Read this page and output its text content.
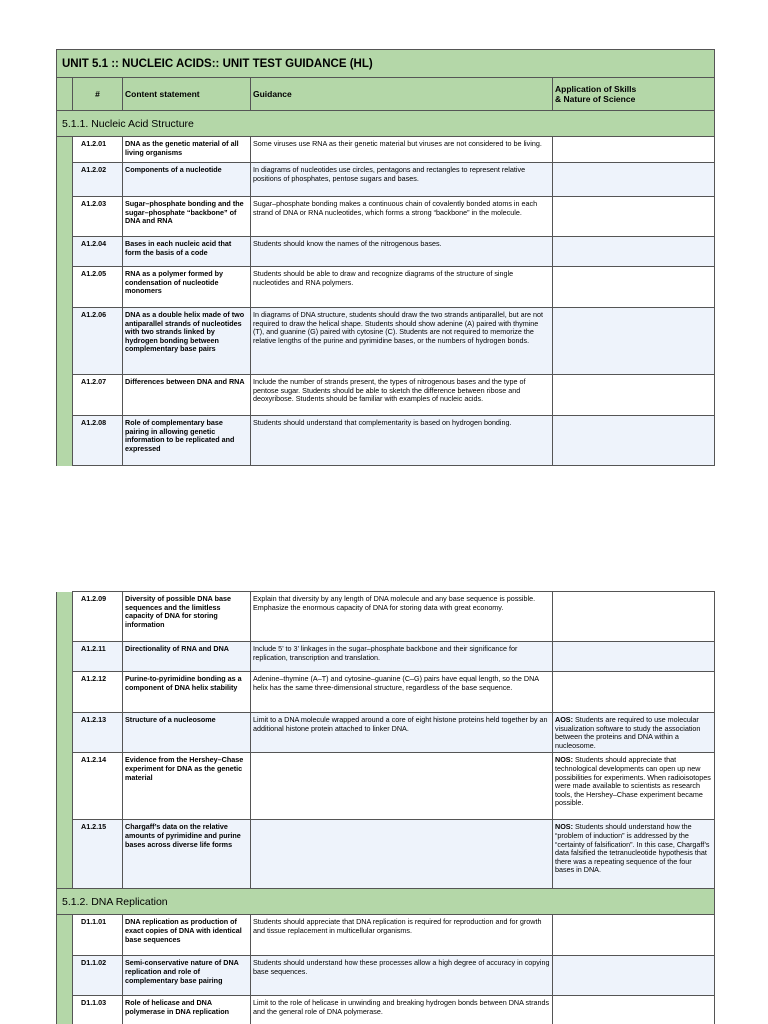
UNIT 5.1 :: NUCLEIC ACIDS:: UNIT TEST GUIDANCE (HL)				
	#	Content statement	Guidance	Application of Skills
& Nature of Science
5.1.1. Nucleic Acid Structure				
	A1.2.01	DNA as the genetic material of all living organisms	Some viruses use RNA as their genetic material but viruses are not considered to be living.	
	A1.2.02	Components of a nucleotide	In diagrams of nucleotides use circles, pentagons and rectangles to represent relative positions of phosphates, pentose sugars and bases.	
	A1.2.03	Sugar–phosphate bonding and the sugar–phosphate “backbone” of DNA and RNA	Sugar–phosphate bonding makes a continuous chain of covalently bonded atoms in each strand of DNA or RNA nucleotides, which forms a strong “backbone” in the molecule.	
	A1.2.04	Bases in each nucleic acid that form the basis of a code	Students should know the names of the nitrogenous bases.	
	A1.2.05	RNA as a polymer formed by condensation of nucleotide monomers	Students should be able to draw and recognize diagrams of the structure of single nucleotides and RNA polymers.	
	A1.2.06	DNA as a double helix made of two antiparallel strands of nucleotides with two strands linked by hydrogen bonding between complementary base pairs	In diagrams of DNA structure, students should draw the two strands antiparallel, but are not required to draw the helical shape. Students should show adenine (A) paired with thymine (T), and guanine (G) paired with cytosine (C). Students are not required to memorize the relative lengths of the purine and pyrimidine bases, or the numbers of hydrogen bonds.	
	A1.2.07	Differences between DNA and RNA	Include the number of strands present, the types of nitrogenous bases and the type of pentose sugar. Students should be able to sketch the difference between ribose and deoxyribose. Students should be familiar with examples of nucleic acids.	
	A1.2.08	Role of complementary base pairing in allowing genetic information to be replicated and expressed	Students should understand that complementarity is based on hydrogen bonding.	
	A1.2.09	Diversity of possible DNA base sequences and the limitless capacity of DNA for storing information	Explain that diversity by any length of DNA molecule and any base sequence is possible. Emphasize the enormous capacity of DNA for storing data with great economy.	
	A1.2.11	Directionality of RNA and DNA	Include 5’ to 3’ linkages in the sugar–phosphate backbone and their significance for replication, transcription and translation.	
	A1.2.12	Purine-to-pyrimidine bonding as a component of DNA helix stability	Adenine–thymine (A–T) and cytosine–guanine (C–G) pairs have equal length, so the DNA helix has the same three-dimensional structure, regardless of the base sequence.	
	A1.2.13	Structure of a nucleosome	Limit to a DNA molecule wrapped around a core of eight histone proteins held together by an additional histone protein attached to linker DNA.	AOS: Students are required to use molecular visualization software to study the association between the proteins and DNA within a nucleosome.
	A1.2.14	Evidence from the Hershey–Chase experiment for DNA as the genetic material		NOS: Students should appreciate that technological developments can open up new possibilities for experiments. When radioisotopes were made available to scientists as research tools, the Hershey–Chase experiment became possible.
	A1.2.15	Chargaff’s data on the relative amounts of pyrimidine and purine bases across diverse life forms		NOS: Students should understand how the “problem of induction” is addressed by the “certainty of falsification”. In this case, Chargaff’s data falsified the tetranucleotide hypothesis that there was a repeating sequence of the four bases in DNA.
5.1.2. DNA Replication				
	D1.1.01	DNA replication as production of exact copies of DNA with identical base sequences	Students should appreciate that DNA replication is required for reproduction and for growth and tissue replacement in multicellular organisms.	
	D1.1.02	Semi-conservative nature of DNA replication and role of complementary base pairing	Students should understand how these processes allow a high degree of accuracy in copying base sequences.	
	D1.1.03	Role of helicase and DNA polymerase in DNA replication	Limit to the role of helicase in unwinding and breaking hydrogen bonds between DNA strands and the general role of DNA polymerase.	
